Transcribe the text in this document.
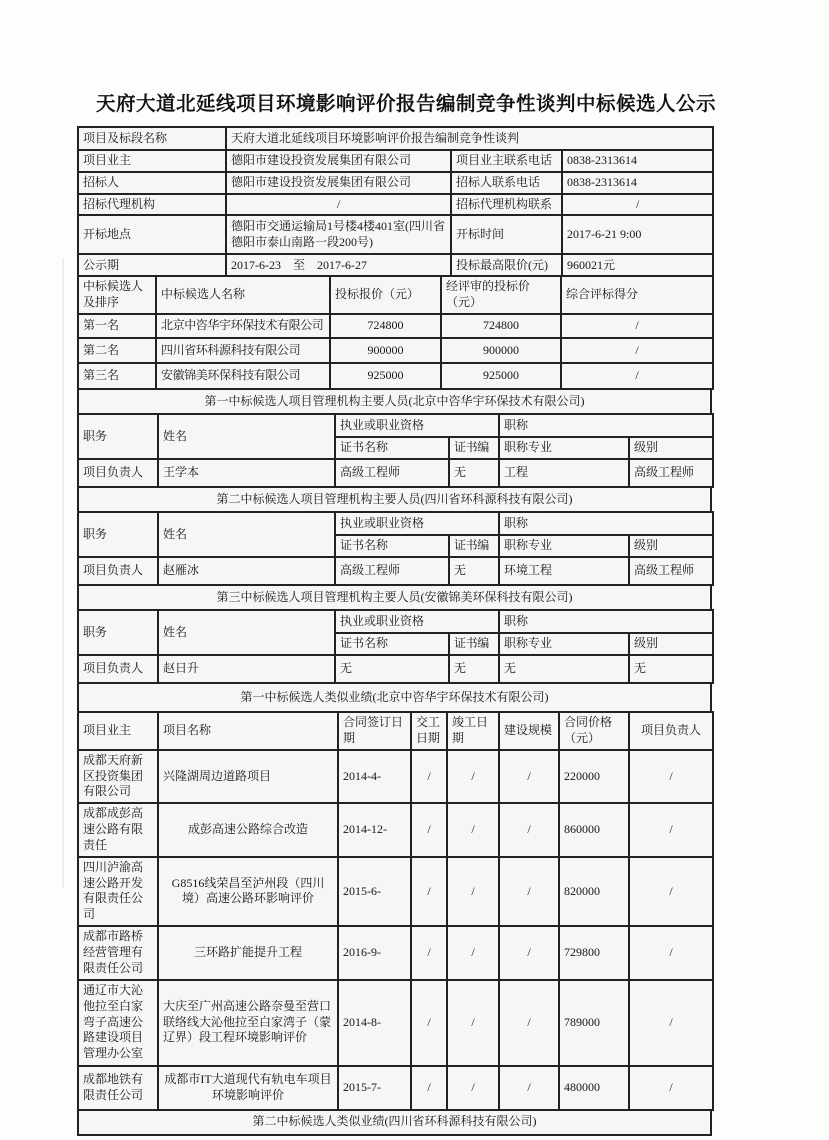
天府大道北延线项目环境影响评价报告编制竞争性谈判中标候选人公示
项目及标段名称	天府大道北延线项目环境影响评价报告编制竞争性谈判		
项目业主	德阳市建设投资发展集团有限公司	项目业主联系电话	0838-2313614
招标人	德阳市建设投资发展集团有限公司	招标人联系电话	0838-2313614
招标代理机构	/	招标代理机构联系	/
开标地点	德阳市交通运输局1号楼4楼401室(四川省德阳市泰山南路一段200号)	开标时间	2017-6-21 9:00
公示期	2017-6-23　至　2017-6-27	投标最高限价(元)	960021元
中标候选人及排序	中标候选人名称	投标报价（元）	经评审的投标价（元）	综合评标得分
第一名	北京中咨华宇环保技术有限公司	724800	724800	/
第二名	四川省环科源科技有限公司	900000	900000	/
第三名	安徽锦美环保科技有限公司	925000	925000	/
第一中标候选人项目管理机构主要人员(北京中咨华宇环保技术有限公司)
职务	姓名	执业或职业资格		职称	
		证书名称	证书编	职称专业	级别
项目负责人	王学本	高级工程师	无	工程	高级工程师
第二中标候选人项目管理机构主要人员(四川省环科源科技有限公司)
职务	姓名	执业或职业资格		职称	
		证书名称	证书编	职称专业	级别
项目负责人	赵雁冰	高级工程师	无	环境工程	高级工程师
第三中标候选人项目管理机构主要人员(安徽锦美环保科技有限公司)
职务	姓名	执业或职业资格		职称	
		证书名称	证书编	职称专业	级别
项目负责人	赵日升	无	无	无	无
第一中标候选人类似业绩(北京中咨华宇环保技术有限公司)
项目业主	项目名称	合同签订日期	交工日期	竣工日期	建设规模	合同价格（元）	项目负责人
成都天府新区投资集团有限公司	兴隆湖周边道路项目	2014-4-	/	/	/	220000	/
成都成彭高速公路有限责任	成彭高速公路综合改造	2014-12-	/	/	/	860000	/
四川泸渝高速公路开发有限责任公司	G8516线荣昌至泸州段（四川境）高速公路环影响评价	2015-6-	/	/	/	820000	/
成都市路桥经营管理有限责任公司	三环路扩能提升工程	2016-9-	/	/	/	729800	/
通辽市大沁他拉至白家弯子高速公路建设项目管理办公室	大庆至广州高速公路奈曼至营口联络线大沁他拉至白家湾子（蒙辽界）段工程环境影响评价	2014-8-	/	/	/	789000	/
成都地铁有限责任公司	成都市IT大道现代有轨电车项目环境影响评价	2015-7-	/	/	/	480000	/
第二中标候选人类似业绩(四川省环科源科技有限公司)
